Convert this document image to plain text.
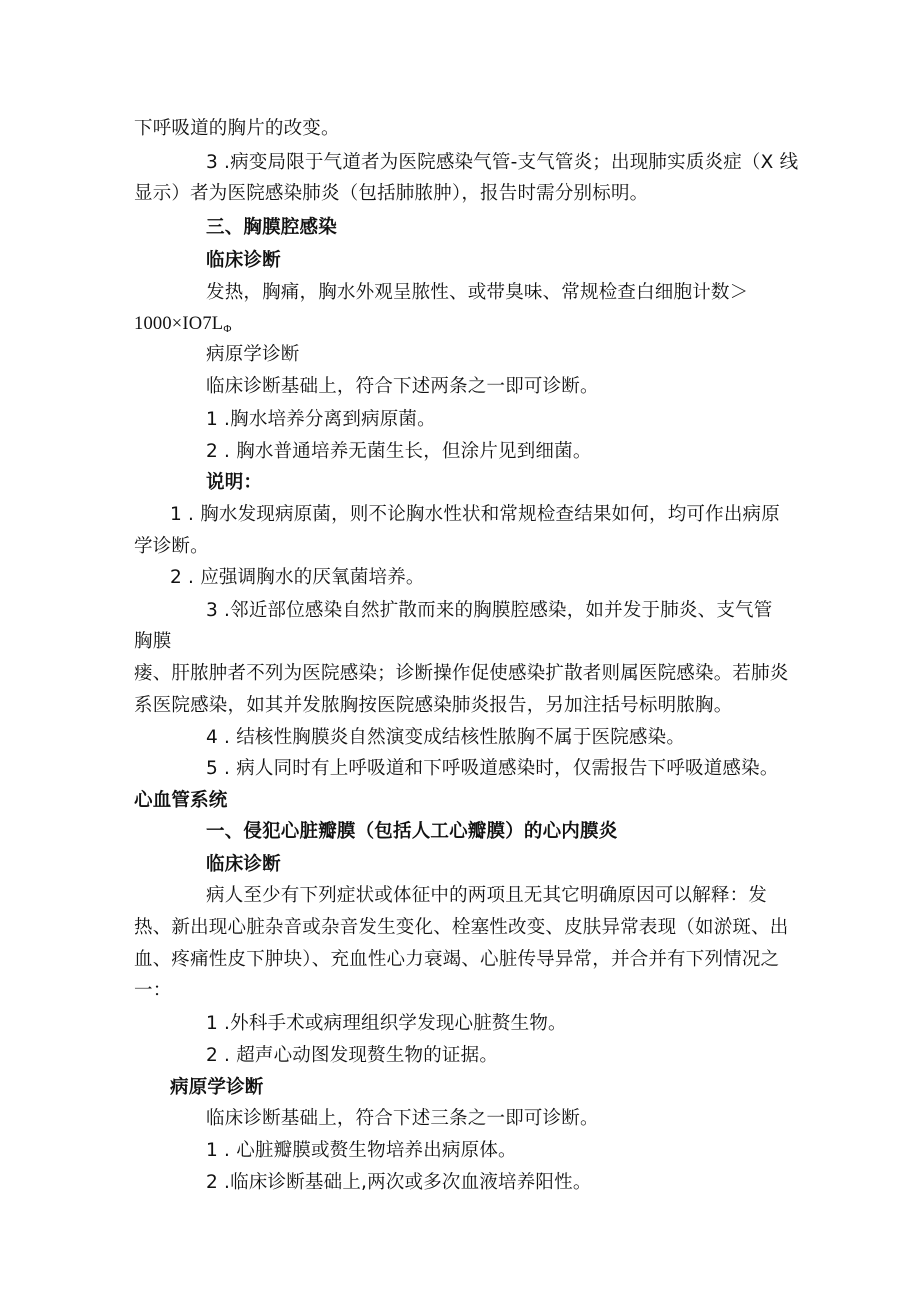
下呼吸道的胸片的改变。
3 .病变局限于气道者为医院感染气管-支气管炎；出现肺实质炎症（X 线
显示）者为医院感染肺炎（包括肺脓肿），报告时需分别标明。
三、胸膜腔感染
临床诊断
发热，胸痛，胸水外观呈脓性、或带臭味、常规检查白细胞计数＞
$1000\times IO7L_\Phi$
病原学诊断
临床诊断基础上，符合下述两条之一即可诊断。
1 .胸水培养分离到病原菌。
2 . 胸水普通培养无菌生长，但涂片见到细菌。
说明：
1 . 胸水发现病原菌，则不论胸水性状和常规检查结果如何，均可作出病原
学诊断。
2 . 应强调胸水的厌氧菌培养。
3 .邻近部位感染自然扩散而来的胸膜腔感染，如并发于肺炎、支气管
胸膜
瘘、肝脓肿者不列为医院感染；诊断操作促使感染扩散者则属医院感染。若肺炎
系医院感染，如其并发脓胸按医院感染肺炎报告，另加注括号标明脓胸。
4 . 结核性胸膜炎自然演变成结核性脓胸不属于医院感染。
5 . 病人同时有上呼吸道和下呼吸道感染时，仅需报告下呼吸道感染。
心血管系统
一、侵犯心脏瓣膜（包括人工心瓣膜）的心内膜炎
临床诊断
病人至少有下列症状或体征中的两项且无其它明确原因可以解释：发
热、新出现心脏杂音或杂音发生变化、栓塞性改变、皮肤异常表现（如淤斑、出
血、疼痛性皮下肿块）、充血性心力衰竭、心脏传导异常，并合并有下列情况之
一：
1 .外科手术或病理组织学发现心脏赘生物。
2 . 超声心动图发现赘生物的证据。
病原学诊断
临床诊断基础上，符合下述三条之一即可诊断。
1 . 心脏瓣膜或赘生物培养出病原体。
2 .临床诊断基础上,两次或多次血液培养阳性。
